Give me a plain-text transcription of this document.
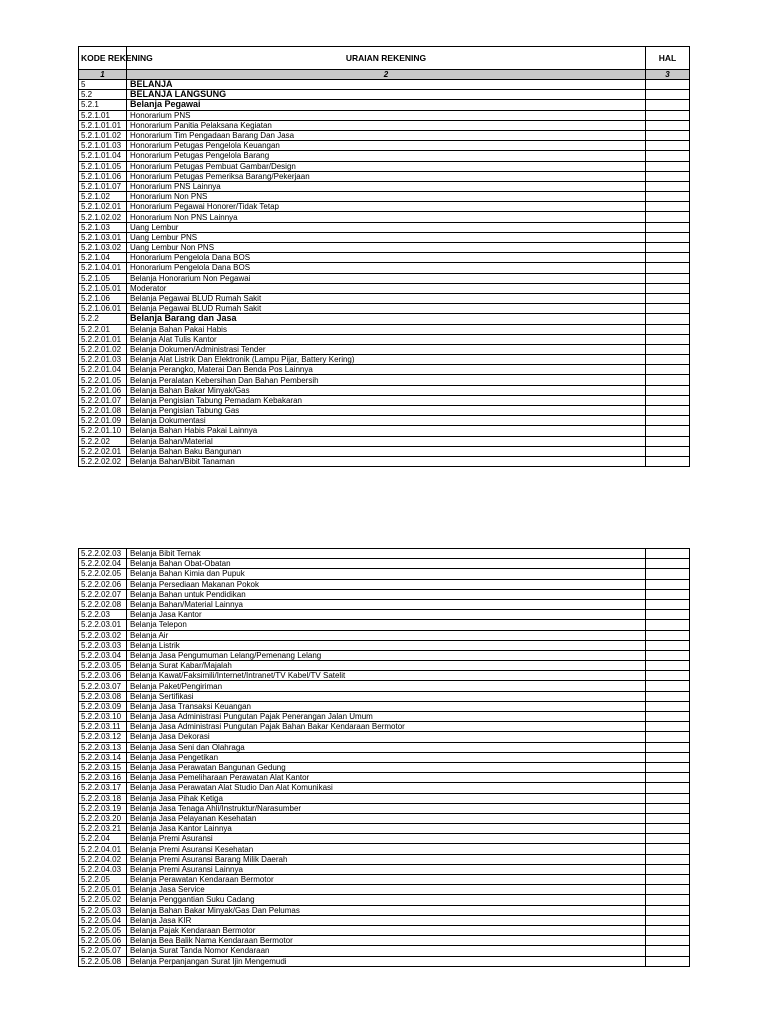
KODE REKENING	URAIAN REKENING	HAL
1	2	3
5	BELANJA	
5.2	BELANJA LANGSUNG	
5.2.1	Belanja Pegawai	
5.2.1.01	Honorarium PNS	
5.2.1.01.01	Honorarium Panitia Pelaksana Kegiatan	
5.2.1.01.02	Honorarium Tim Pengadaan Barang Dan Jasa	
5.2.1.01.03	Honorarium Petugas Pengelola Keuangan	
5.2.1.01.04	Honorarium Petugas Pengelola Barang	
5.2.1.01.05	Honorarium Petugas Pembuat Gambar/Design	
5.2.1.01.06	Honorarium Petugas Pemeriksa Barang/Pekerjaan	
5.2.1.01.07	Honorarium PNS Lainnya	
5.2.1.02	Honorarium Non PNS	
5.2.1.02.01	Honorarium Pegawai Honorer/Tidak Tetap	
5.2.1.02.02	Honorarium Non PNS Lainnya	
5.2.1.03	Uang Lembur	
5.2.1.03.01	Uang Lembur PNS	
5.2.1.03.02	Uang Lembur Non PNS	
5.2.1.04	Honorarium Pengelola Dana BOS	
5.2.1.04.01	Honorarium Pengelola Dana BOS	
5.2.1.05	Belanja Honorarium Non Pegawai	
5.2.1.05.01	Moderator	
5.2.1.06	Belanja Pegawai BLUD Rumah Sakit	
5.2.1.06.01	Belanja Pegawai BLUD Rumah Sakit	
5.2.2	Belanja Barang dan Jasa	
5.2.2.01	Belanja Bahan Pakai Habis	
5.2.2.01.01	Belanja Alat Tulis Kantor	
5.2.2.01.02	Belanja Dokumen/Administrasi Tender	
5.2.2.01.03	Belanja Alat Listrik Dan Elektronik (Lampu Pijar, Battery Kering)	
5.2.2.01.04	Belanja Perangko, Materai Dan Benda Pos Lainnya	
5.2.2.01.05	Belanja Peralatan Kebersihan Dan Bahan Pembersih	
5.2.2.01.06	Belanja Bahan Bakar Minyak/Gas	
5.2.2.01.07	Belanja Pengisian Tabung Pemadam Kebakaran	
5.2.2.01.08	Belanja Pengisian Tabung Gas	
5.2.2.01.09	Belanja Dokumentasi	
5.2.2.01.10	Belanja Bahan Habis Pakai Lainnya	
5.2.2.02	Belanja Bahan/Material	
5.2.2.02.01	Belanja Bahan Baku Bangunan	
5.2.2.02.02	Belanja Bahan/Bibit Tanaman	
5.2.2.02.03	Belanja Bibit Ternak	
5.2.2.02.04	Belanja Bahan Obat-Obatan	
5.2.2.02.05	Belanja Bahan Kimia dan Pupuk	
5.2.2.02.06	Belanja Persediaan Makanan Pokok	
5.2.2.02.07	Belanja Bahan untuk Pendidikan	
5.2.2.02.08	Belanja Bahan/Material Lainnya	
5.2.2.03	Belanja Jasa Kantor	
5.2.2.03.01	Belanja Telepon	
5.2.2.03.02	Belanja Air	
5.2.2.03.03	Belanja Listrik	
5.2.2.03.04	Belanja Jasa Pengumuman Lelang/Pemenang Lelang	
5.2.2.03.05	Belanja Surat Kabar/Majalah	
5.2.2.03.06	Belanja Kawat/Faksimili/Internet/Intranet/TV Kabel/TV Satelit	
5.2.2.03.07	Belanja Paket/Pengiriman	
5.2.2.03.08	Belanja Sertifikasi	
5.2.2.03.09	Belanja Jasa Transaksi Keuangan	
5.2.2.03.10	Belanja Jasa Administrasi Pungutan Pajak Penerangan Jalan Umum	
5.2.2.03.11	Belanja Jasa Administrasi Pungutan Pajak Bahan Bakar Kendaraan Bermotor	
5.2.2.03.12	Belanja Jasa Dekorasi	
5.2.2.03.13	Belanja Jasa Seni dan Olahraga	
5.2.2.03.14	Belanja Jasa Pengetikan	
5.2.2.03.15	Belanja Jasa Perawatan Bangunan Gedung	
5.2.2.03.16	Belanja Jasa Pemeliharaan Perawatan Alat Kantor	
5.2.2.03.17	Belanja Jasa Perawatan Alat Studio Dan Alat Komunikasi	
5.2.2.03.18	Belanja Jasa Pihak Ketiga	
5.2.2.03.19	Belanja Jasa Tenaga Ahli/Instruktur/Narasumber	
5.2.2.03.20	Belanja Jasa Pelayanan Kesehatan	
5.2.2.03.21	Belanja Jasa Kantor Lainnya	
5.2.2.04	Belanja Premi Asuransi	
5.2.2.04.01	Belanja Premi Asuransi Kesehatan	
5.2.2.04.02	Belanja Premi Asuransi Barang Milik Daerah	
5.2.2.04.03	Belanja Premi Asuransi Lainnya	
5.2.2.05	Belanja Perawatan Kendaraan Bermotor	
5.2.2.05.01	Belanja Jasa Service	
5.2.2.05.02	Belanja Penggantian Suku Cadang	
5.2.2.05.03	Belanja Bahan Bakar Minyak/Gas Dan Pelumas	
5.2.2.05.04	Belanja Jasa KIR	
5.2.2.05.05	Belanja Pajak Kendaraan Bermotor	
5.2.2.05.06	Belanja Bea Balik Nama Kendaraan Bermotor	
5.2.2.05.07	Belanja Surat Tanda Nomor Kendaraan	
5.2.2.05.08	Belanja Perpanjangan Surat Ijin Mengemudi	
